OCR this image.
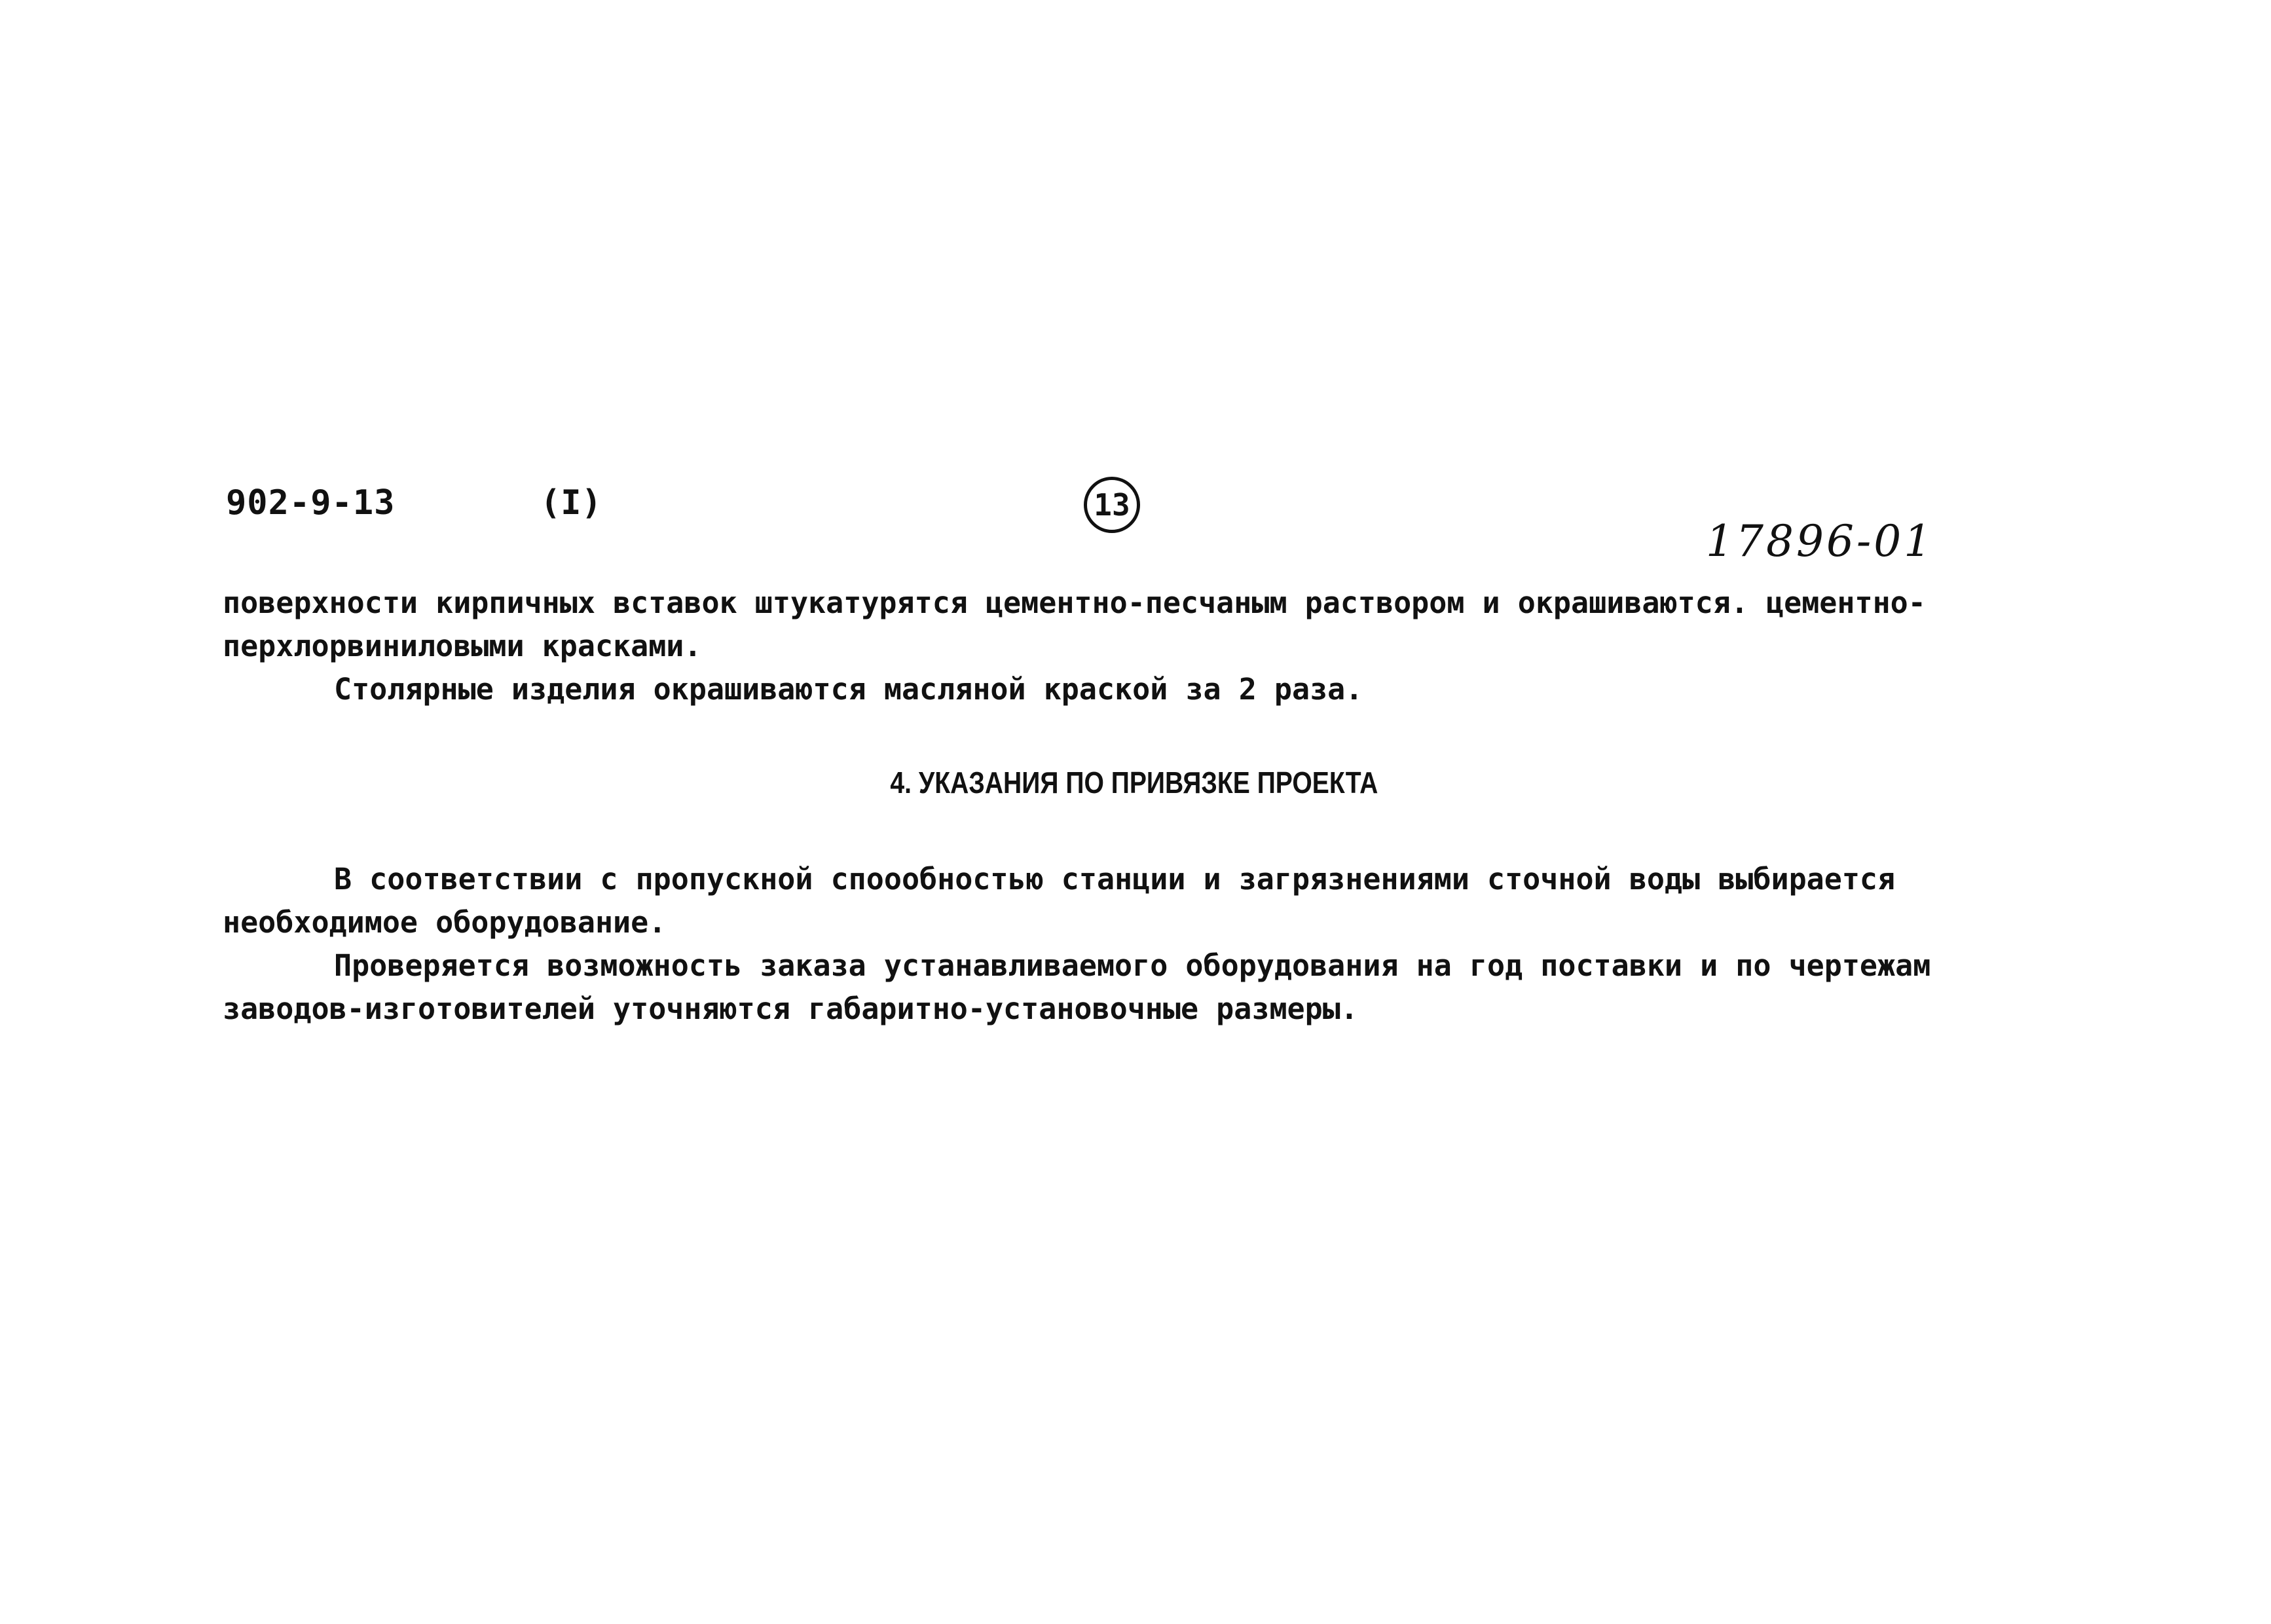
902-9-13	(I)	13
17896-01
поверхности кирпичных вставок штукатурятся цементно-песчаным раствором и окрашиваются. цементно-
перхлорвиниловыми красками.
Столярные изделия окрашиваются масляной краской за 2 раза.
4. УКАЗАНИЯ ПО ПРИВЯЗКЕ ПРОЕКТА
В соответствии с пропускной споообностью станции и загрязнениями сточной воды выбирается
необходимое оборудование.
Проверяется возможность заказа устанавливаемого оборудования на год поставки и по чертежам
заводов-изготовителей уточняются габаритно-установочные размеры.
